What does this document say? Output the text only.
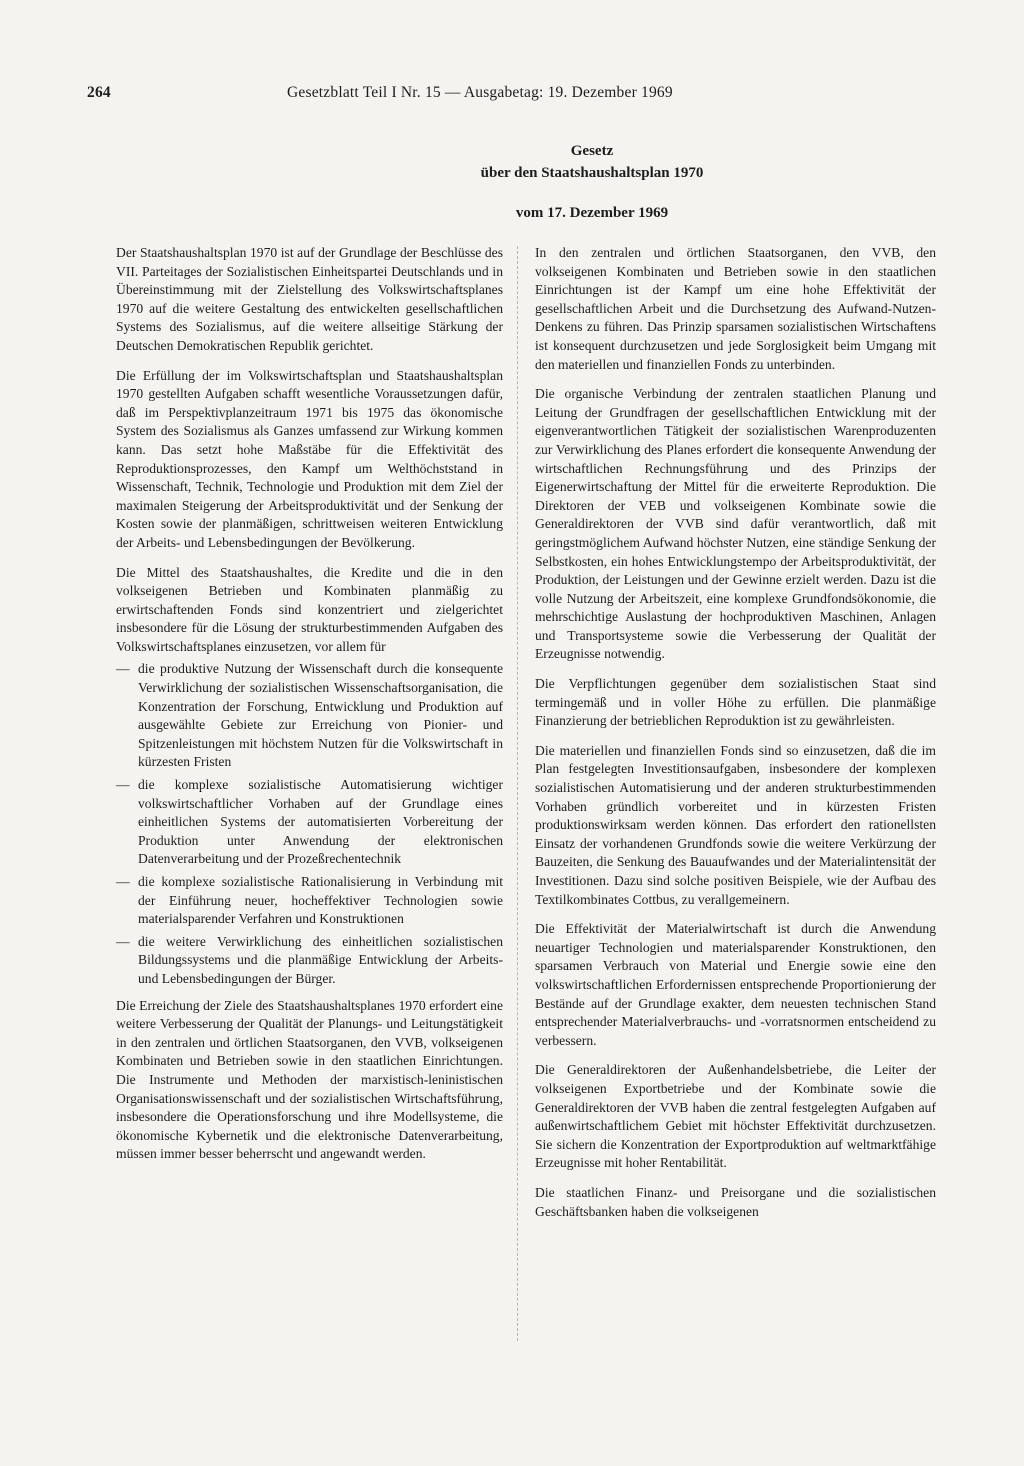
264	Gesetzblatt Teil I Nr. 15 — Ausgabetag: 19. Dezember 1969
Gesetz
über den Staatshaushaltsplan 1970
vom 17. Dezember 1969

Der Staatshaushaltsplan 1970 ist auf der Grundlage der Beschlüsse des VII. Parteitages der Sozialistischen Einheitspartei Deutschlands und in Übereinstimmung mit der Zielstellung des Volkswirtschaftsplanes 1970 auf die weitere Gestaltung des entwickelten gesellschaftlichen Systems des Sozialismus, auf die weitere allseitige Stärkung der Deutschen Demokratischen Republik gerichtet.

Die Erfüllung der im Volkswirtschaftsplan und Staatshaushaltsplan 1970 gestellten Aufgaben schafft wesentliche Voraussetzungen dafür, daß im Perspektivplanzeitraum 1971 bis 1975 das ökonomische System des Sozialismus als Ganzes umfassend zur Wirkung kommen kann. Das setzt hohe Maßstäbe für die Effektivität des Reproduktionsprozesses, den Kampf um Welthöchststand in Wissenschaft, Technik, Technologie und Produktion mit dem Ziel der maximalen Steigerung der Arbeitsproduktivität und der Senkung der Kosten sowie der planmäßigen, schrittweisen weiteren Entwicklung der Arbeits- und Lebensbedingungen der Bevölkerung.

Die Mittel des Staatshaushaltes, die Kredite und die in den volkseigenen Betrieben und Kombinaten planmäßig zu erwirtschaftenden Fonds sind konzentriert und zielgerichtet insbesondere für die Lösung der strukturbestimmenden Aufgaben des Volkswirtschaftsplanes einzusetzen, vor allem für

— die produktive Nutzung der Wissenschaft durch die konsequente Verwirklichung der sozialistischen Wissenschaftsorganisation, die Konzentration der Forschung, Entwicklung und Produktion auf ausgewählte Gebiete zur Erreichung von Pionier- und Spitzenleistungen mit höchstem Nutzen für die Volkswirtschaft in kürzesten Fristen
— die komplexe sozialistische Automatisierung wichtiger volkswirtschaftlicher Vorhaben auf der Grundlage eines einheitlichen Systems der automatisierten Vorbereitung der Produktion unter Anwendung der elektronischen Datenverarbeitung und der Prozeßrechentechnik
— die komplexe sozialistische Rationalisierung in Verbindung mit der Einführung neuer, hocheffektiver Technologien sowie materialsparender Verfahren und Konstruktionen
— die weitere Verwirklichung des einheitlichen sozialistischen Bildungssystems und die planmäßige Entwicklung der Arbeits- und Lebensbedingungen der Bürger.

Die Erreichung der Ziele des Staatshaushaltsplanes 1970 erfordert eine weitere Verbesserung der Qualität der Planungs- und Leitungstätigkeit in den zentralen und örtlichen Staatsorganen, den VVB, volkseigenen Kombinaten und Betrieben sowie in den staatlichen Einrichtungen. Die Instrumente und Methoden der marxistisch-leninistischen Organisationswissenschaft und der sozialistischen Wirtschaftsführung, insbesondere die Operationsforschung und ihre Modellsysteme, die ökonomische Kybernetik und die elektronische Datenverarbeitung, müssen immer besser beherrscht und angewandt werden.

In den zentralen und örtlichen Staatsorganen, den VVB, den volkseigenen Kombinaten und Betrieben sowie in den staatlichen Einrichtungen ist der Kampf um eine hohe Effektivität der gesellschaftlichen Arbeit und die Durchsetzung des Aufwand-Nutzen-Denkens zu führen. Das Prinzip sparsamen sozialistischen Wirtschaftens ist konsequent durchzusetzen und jede Sorglosigkeit beim Umgang mit den materiellen und finanziellen Fonds zu unterbinden.

Die organische Verbindung der zentralen staatlichen Planung und Leitung der Grundfragen der gesellschaftlichen Entwicklung mit der eigenverantwortlichen Tätigkeit der sozialistischen Warenproduzenten zur Verwirklichung des Planes erfordert die konsequente Anwendung der wirtschaftlichen Rechnungsführung und des Prinzips der Eigenerwirtschaftung der Mittel für die erweiterte Reproduktion. Die Direktoren der VEB und volkseigenen Kombinate sowie die Generaldirektoren der VVB sind dafür verantwortlich, daß mit geringstmöglichem Aufwand höchster Nutzen, eine ständige Senkung der Selbstkosten, ein hohes Entwicklungstempo der Arbeitsproduktivität, der Produktion, der Leistungen und der Gewinne erzielt werden. Dazu ist die volle Nutzung der Arbeitszeit, eine komplexe Grundfondsökonomie, die mehrschichtige Auslastung der hochproduktiven Maschinen, Anlagen und Transportsysteme sowie die Verbesserung der Qualität der Erzeugnisse notwendig.

Die Verpflichtungen gegenüber dem sozialistischen Staat sind termingemäß und in voller Höhe zu erfüllen. Die planmäßige Finanzierung der betrieblichen Reproduktion ist zu gewährleisten.

Die materiellen und finanziellen Fonds sind so einzusetzen, daß die im Plan festgelegten Investitionsaufgaben, insbesondere der komplexen sozialistischen Automatisierung und der anderen strukturbestimmenden Vorhaben gründlich vorbereitet und in kürzesten Fristen produktionswirksam werden können. Das erfordert den rationellsten Einsatz der vorhandenen Grundfonds sowie die weitere Verkürzung der Bauzeiten, die Senkung des Bauaufwandes und der Materialintensität der Investitionen. Dazu sind solche positiven Beispiele, wie der Aufbau des Textilkombinates Cottbus, zu verallgemeinern.

Die Effektivität der Materialwirtschaft ist durch die Anwendung neuartiger Technologien und materialsparender Konstruktionen, den sparsamen Verbrauch von Material und Energie sowie eine den volkswirtschaftlichen Erfordernissen entsprechende Proportionierung der Bestände auf der Grundlage exakter, dem neuesten technischen Stand entsprechender Materialverbrauchs- und -vorratsnormen entscheidend zu verbessern.

Die Generaldirektoren der Außenhandelsbetriebe, die Leiter der volkseigenen Exportbetriebe und der Kombinate sowie die Generaldirektoren der VVB haben die zentral festgelegten Aufgaben auf außenwirtschaftlichem Gebiet mit höchster Effektivität durchzusetzen. Sie sichern die Konzentration der Exportproduktion auf weltmarktfähige Erzeugnisse mit hoher Rentabilität.

Die staatlichen Finanz- und Preisorgane und die sozialistischen Geschäftsbanken haben die volkseigenen
